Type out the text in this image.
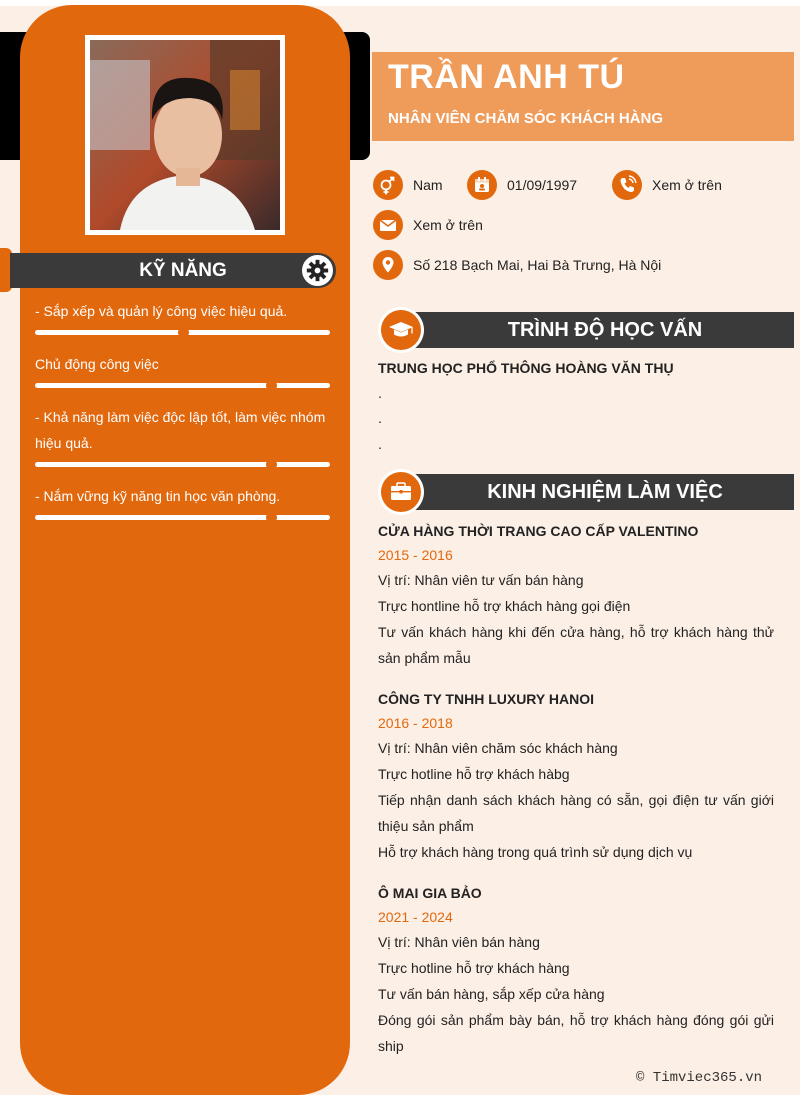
KỸ NĂNG
- Sắp xếp và quản lý công việc hiệu quả.
Chủ động công việc
- Khả năng làm việc độc lập tốt, làm việc nhóm hiệu quả.
- Nắm vững kỹ năng tin học văn phòng.
TRẦN ANH TÚ
NHÂN VIÊN CHĂM SÓC KHÁCH HÀNG
Nam	01/09/1997	Xem ở trên
Xem ở trên
Số 218 Bạch Mai, Hai Bà Trưng, Hà Nội
TRÌNH ĐỘ HỌC VẤN
TRUNG HỌC PHỔ THÔNG HOÀNG VĂN THỤ
.
.
.
KINH NGHIỆM LÀM VIỆC
CỬA HÀNG THỜI TRANG CAO CẤP VALENTINO
2015 - 2016
Vị trí: Nhân viên tư vấn bán hàng
Trực hontline hỗ trợ khách hàng gọi điện
Tư vấn khách hàng khi đến cửa hàng, hỗ trợ khách hàng thử sản phẩm mẫu
CÔNG TY TNHH LUXURY HANOI
2016 - 2018
Vị trí: Nhân viên chăm sóc khách hàng
Trực hotline hỗ trợ khách hàbg
Tiếp nhận danh sách khách hàng có sẵn, gọi điện tư vấn giới thiệu sản phẩm
Hỗ trợ khách hàng trong quá trình sử dụng dịch vụ
Ô MAI GIA BẢO
2021 - 2024
Vị trí: Nhân viên bán hàng
Trực hotline hỗ trợ khách hàng
Tư vấn bán hàng, sắp xếp cửa hàng
Đóng gói sản phẩm bày bán, hỗ trợ khách hàng đóng gói gửi ship
© Timviec365.vn
